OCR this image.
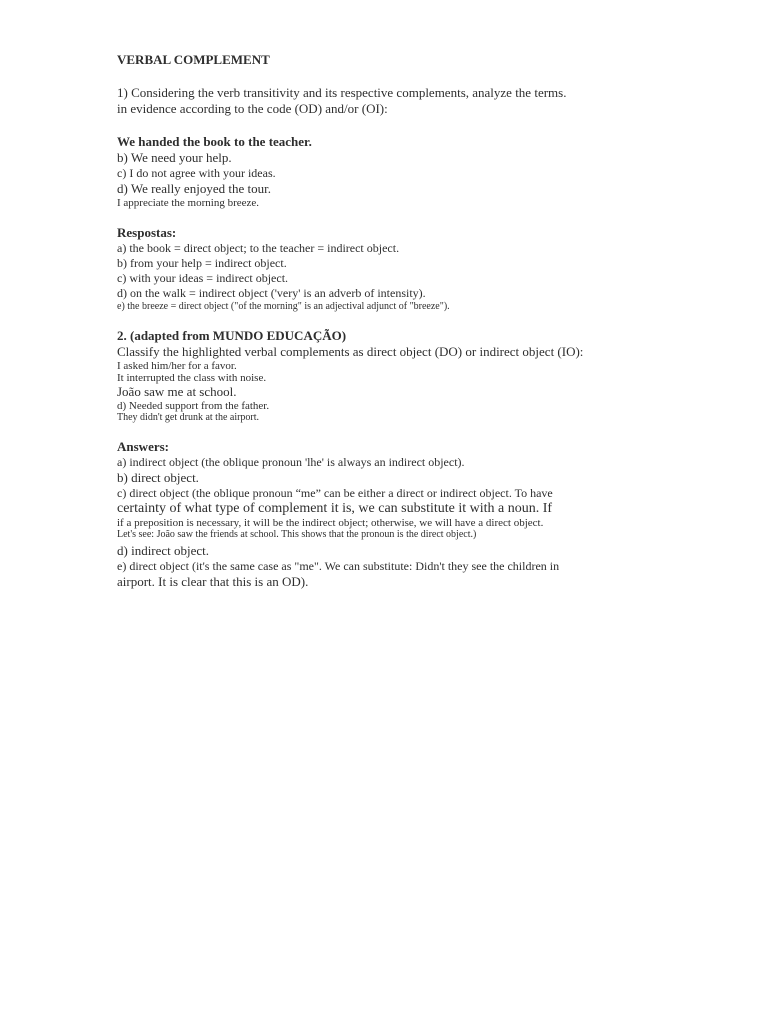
VERBAL COMPLEMENT
1) Considering the verb transitivity and its respective complements, analyze the terms.
in evidence according to the code (OD) and/or (OI):
We handed the book to the teacher.
b) We need your help.
c) I do not agree with your ideas.
d) We really enjoyed the tour.
I appreciate the morning breeze.
Respostas:
a) the book = direct object; to the teacher = indirect object.
b) from your help = indirect object.
c) with your ideas = indirect object.
d) on the walk = indirect object ('very' is an adverb of intensity).
e) the breeze = direct object ("of the morning" is an adjectival adjunct of "breeze").
2. (adapted from MUNDO EDUCAÇÃO)
Classify the highlighted verbal complements as direct object (DO) or indirect object (IO):
I asked him/her for a favor.
It interrupted the class with noise.
João saw me at school.
d) Needed support from the father.
They didn't get drunk at the airport.
Answers:
a) indirect object (the oblique pronoun 'lhe' is always an indirect object).
b) direct object.
c) direct object (the oblique pronoun “me” can be either a direct or indirect object. To have
certainty of what type of complement it is, we can substitute it with a noun. If
if a preposition is necessary, it will be the indirect object; otherwise, we will have a direct object.
Let's see: João saw the friends at school. This shows that the pronoun is the direct object.)
d) indirect object.
e) direct object (it's the same case as "me". We can substitute: Didn't they see the children in
airport. It is clear that this is an OD).
